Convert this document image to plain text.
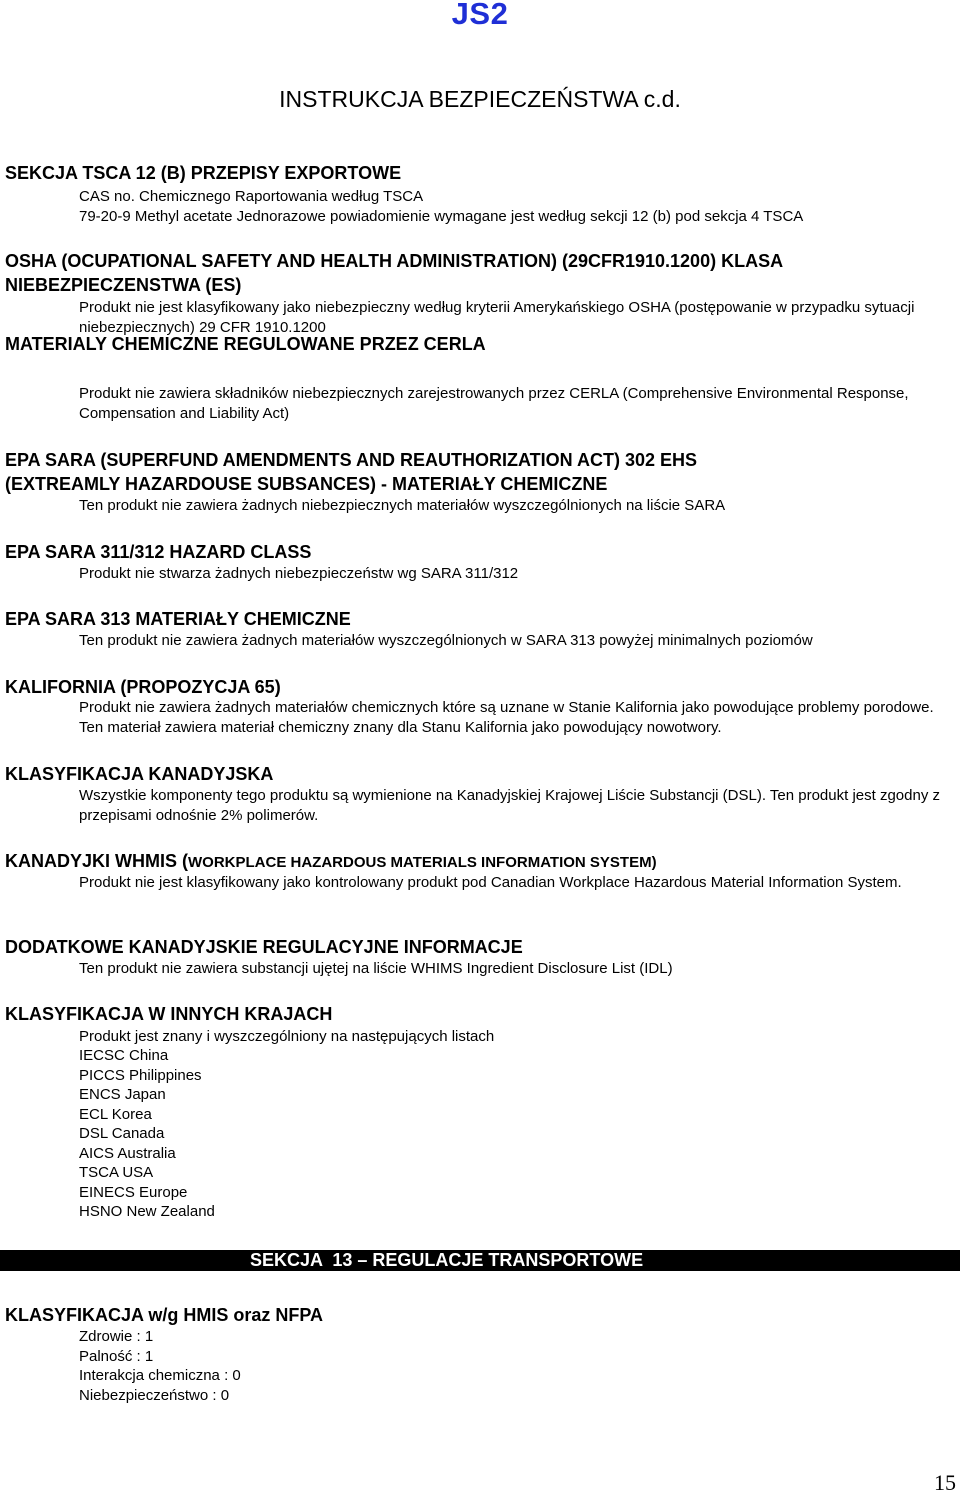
JS2
INSTRUKCJA BEZPIECZEŃSTWA c.d.
SEKCJA TSCA 12 (B) PRZEPISY EXPORTOWE
CAS no. Chemicznego Raportowania według TSCA
79-20-9 Methyl acetate Jednorazowe powiadomienie wymagane jest według sekcji 12 (b) pod sekcja 4 TSCA
OSHA (OCUPATIONAL SAFETY AND HEALTH ADMINISTRATION) (29CFR1910.1200) KLASA
NIEBEZPIECZENSTWA (ES)
Produkt nie jest klasyfikowany jako niebezpieczny według kryterii Amerykańskiego OSHA (postępowanie w przypadku sytuacji niebezpiecznych) 29 CFR 1910.1200
MATERIALY CHEMICZNE REGULOWANE PRZEZ CERLA
Produkt nie zawiera składników niebezpiecznych zarejestrowanych przez CERLA (Comprehensive Environmental Response, Compensation and Liability Act)
EPA SARA (SUPERFUND AMENDMENTS AND REAUTHORIZATION ACT) 302 EHS
(EXTREAMLY HAZARDOUSE SUBSANCES) - MATERIAŁY CHEMICZNE
Ten produkt nie zawiera żadnych niebezpiecznych materiałów wyszczególnionych na liście SARA
EPA SARA 311/312 HAZARD CLASS
Produkt nie stwarza żadnych niebezpieczeństw wg SARA 311/312
EPA SARA 313 MATERIAŁY CHEMICZNE
Ten produkt nie zawiera żadnych materiałów wyszczególnionych w SARA 313 powyżej minimalnych poziomów
KALIFORNIA (PROPOZYCJA 65)
Produkt nie zawiera żadnych materiałów chemicznych które są uznane w Stanie Kalifornia jako powodujące problemy porodowe. Ten materiał zawiera materiał chemiczny znany dla Stanu Kalifornia jako powodujący nowotwory.
KLASYFIKACJA KANADYJSKA
Wszystkie komponenty tego produktu są wymienione na Kanadyjskiej Krajowej Liście Substancji (DSL). Ten produkt jest zgodny z przepisami odnośnie 2% polimerów.
KANADYJKI WHMIS (WORKPLACE HAZARDOUS MATERIALS INFORMATION SYSTEM)
Produkt nie jest klasyfikowany jako kontrolowany produkt pod Canadian Workplace Hazardous Material Information System.
DODATKOWE KANADYJSKIE REGULACYJNE INFORMACJE
Ten produkt nie zawiera substancji ujętej na liście WHIMS Ingredient Disclosure List (IDL)
KLASYFIKACJA W INNYCH KRAJACH
Produkt jest znany i wyszczególniony na następujących listach
IECSC China
PICCS Philippines
ENCS Japan
ECL Korea
DSL Canada
AICS Australia
TSCA USA
EINECS Europe
HSNO New Zealand
SEKCJA  13 – REGULACJE TRANSPORTOWE
KLASYFIKACJA w/g HMIS oraz NFPA
Zdrowie : 1
Palność : 1
Interakcja chemiczna : 0
Niebezpieczeństwo : 0
15
